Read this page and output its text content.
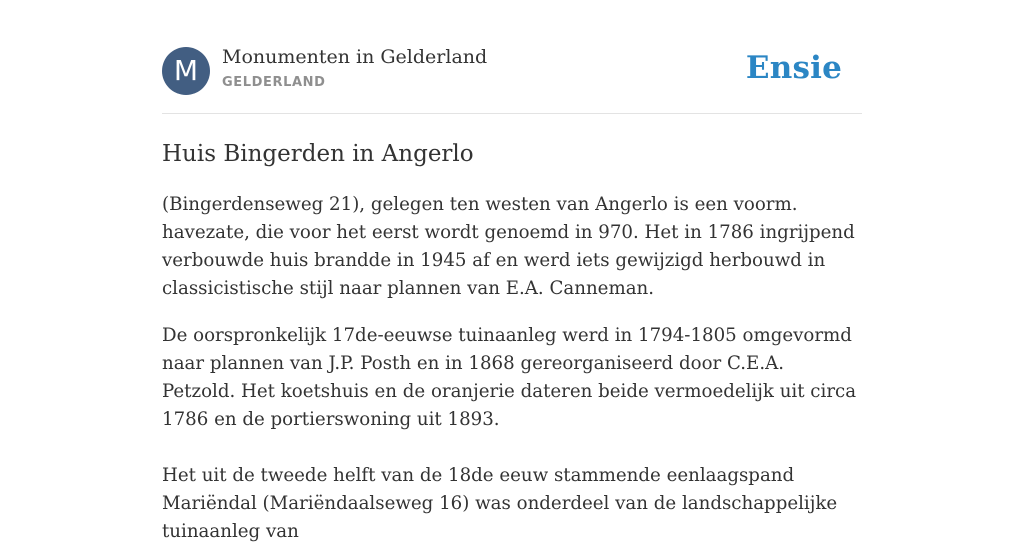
M	Monumenten in Gelderland
GELDERLAND	Ensie
Huis Bingerden in Angerlo

(Bingerdenseweg 21), gelegen ten westen van Angerlo is een voorm. havezate, die voor het eerst wordt genoemd in 970. Het in 1786 ingrijpend verbouwde huis brandde in 1945 af en werd iets gewijzigd herbouwd in classicistische stijl naar plannen van E.A. Canneman.

De oorspronkelijk 17de-eeuwse tuinaanleg werd in 1794-1805 omgevormd naar plannen van J.P. Posth en in 1868 gereorganiseerd door C.E.A. Petzold. Het koetshuis en de oranjerie dateren beide vermoedelijk uit circa 1786 en de portierswoning uit 1893.

Het uit de tweede helft van de 18de eeuw stammende eenlaagspand Mariëndal (Mariëndaalseweg 16) was onderdeel van de landschappelijke tuinaanleg van
